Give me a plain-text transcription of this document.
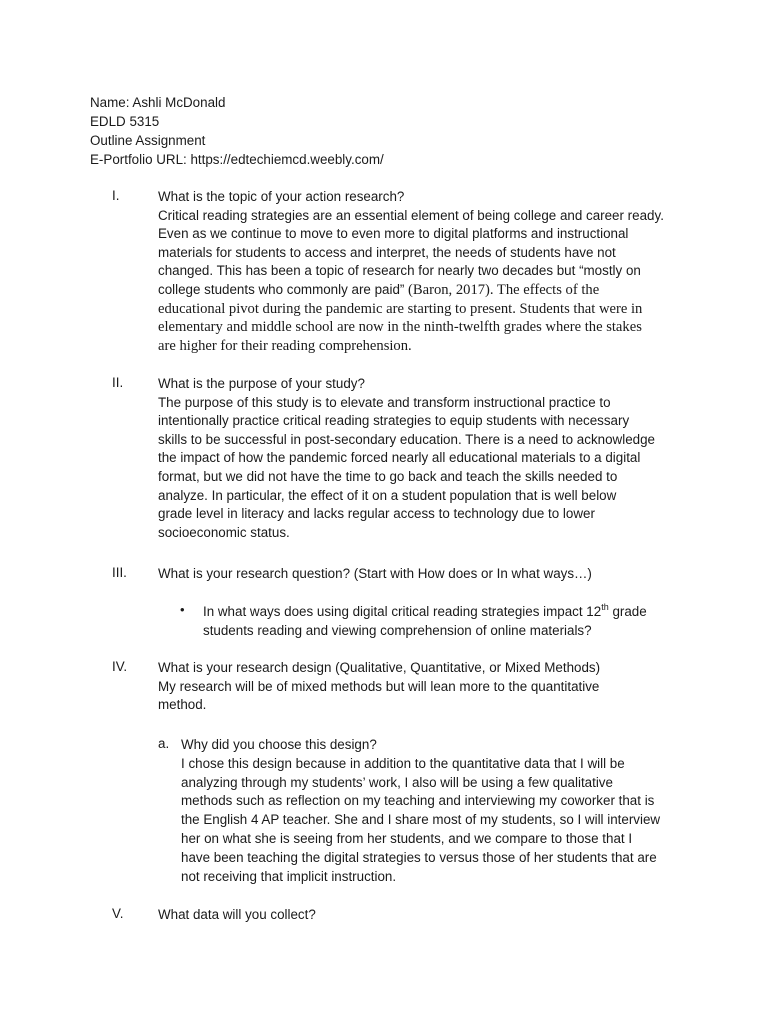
Name: Ashli McDonald
EDLD 5315
Outline Assignment
E-Portfolio URL: https://edtechiemcd.weebly.com/
I.	What is the topic of your action research?
Critical reading strategies are an essential element of being college and career ready.
Even as we continue to move to even more to digital platforms and instructional
materials for students to access and interpret, the needs of students have not
changed. This has been a topic of research for nearly two decades but “mostly on
college students who commonly are paid” (Baron, 2017). The effects of the
educational pivot during the pandemic are starting to present. Students that were in
elementary and middle school are now in the ninth-twelfth grades where the stakes
are higher for their reading comprehension.
II.	What is the purpose of your study?
The purpose of this study is to elevate and transform instructional practice to
intentionally practice critical reading strategies to equip students with necessary
skills to be successful in post-secondary education. There is a need to acknowledge
the impact of how the pandemic forced nearly all educational materials to a digital
format, but we did not have the time to go back and teach the skills needed to
analyze. In particular, the effect of it on a student population that is well below
grade level in literacy and lacks regular access to technology due to lower
socioeconomic status.
III. What is your research question? (Start with How does or In what ways…)
• In what ways does using digital critical reading strategies impact 12th grade
students reading and viewing comprehension of online materials?
IV. What is your research design (Qualitative, Quantitative, or Mixed Methods)
My research will be of mixed methods but will lean more to the quantitative
method.
a. Why did you choose this design?
I chose this design because in addition to the quantitative data that I will be
analyzing through my students’ work, I also will be using a few qualitative
methods such as reflection on my teaching and interviewing my coworker that is
the English 4 AP teacher. She and I share most of my students, so I will interview
her on what she is seeing from her students, and we compare to those that I
have been teaching the digital strategies to versus those of her students that are
not receiving that implicit instruction.
V.	What data will you collect?
